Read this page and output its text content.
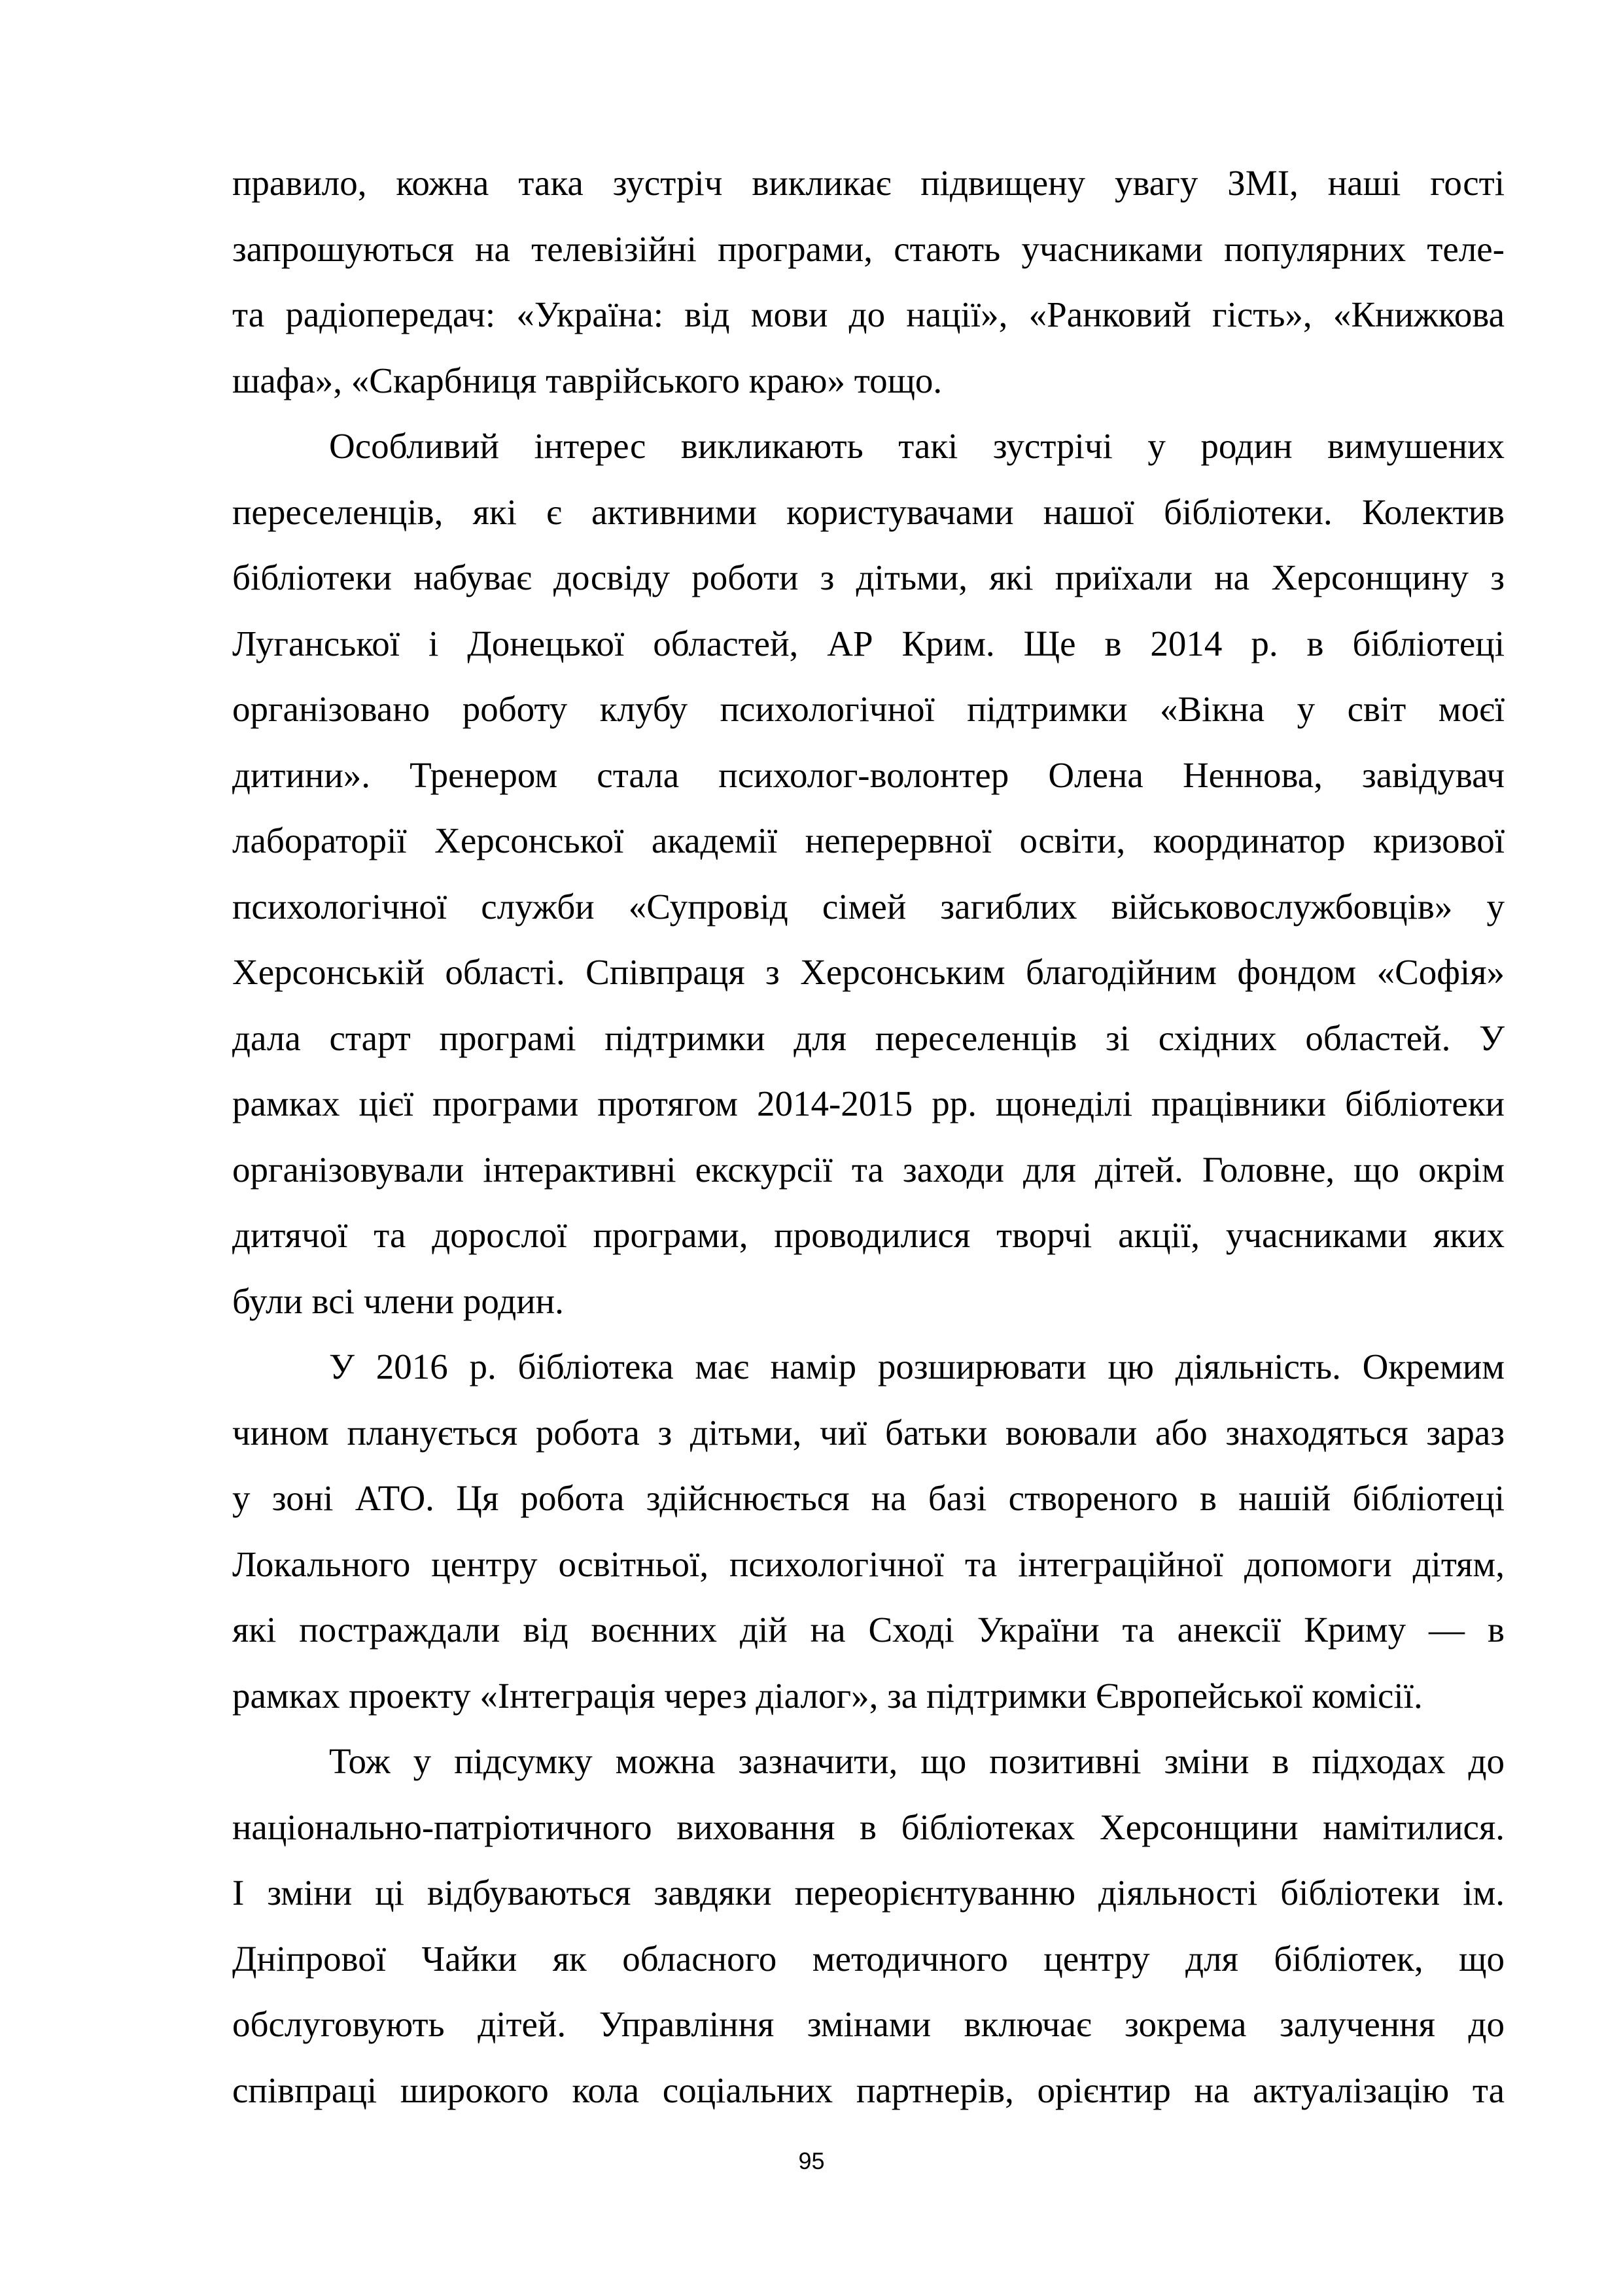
правило, кожна така зустріч викликає підвищену увагу ЗМІ, наші гості
запрошуються на телевізійні програми, стають учасниками популярних теле-
та радіопередач: «Україна: від мови до нації», «Ранковий гість», «Книжкова
шафа», «Скарбниця таврійського краю» тощо.

Особливий інтерес викликають такі зустрічі у родин вимушених
переселенців, які є активними користувачами нашої бібліотеки. Колектив
бібліотеки набуває досвіду роботи з дітьми, які приїхали на Херсонщину з
Луганської і Донецької областей, АР Крим. Ще в 2014 р. в бібліотеці
організовано роботу клубу психологічної підтримки «Вікна у світ моєї
дитини». Тренером стала психолог-волонтер Олена Неннова, завідувач
лабораторії Херсонської академії неперервної освіти, координатор кризової
психологічної служби «Супровід сімей загиблих військовослужбовців» у
Херсонській області. Співпраця з Херсонським благодійним фондом «Софія»
дала старт програмі підтримки для переселенців зі східних областей. У
рамках цієї програми протягом 2014-2015 рр. щонеділі працівники бібліотеки
організовували інтерактивні екскурсії та заходи для дітей. Головне, що окрім
дитячої та дорослої програми, проводилися творчі акції, учасниками яких
були всі члени родин.

У 2016 р. бібліотека має намір розширювати цю діяльність. Окремим
чином планується робота з дітьми, чиї батьки воювали або знаходяться зараз
у зоні АТО. Ця робота здійснюється на базі створеного в нашій бібліотеці
Локального центру освітньої, психологічної та інтеграційної допомоги дітям,
які постраждали від воєнних дій на Сході України та анексії Криму — в
рамках проекту «Інтеграція через діалог», за підтримки Європейської комісії.

Тож у підсумку можна зазначити, що позитивні зміни в підходах до
національно-патріотичного виховання в бібліотеках Херсонщини намітилися.
І зміни ці відбуваються завдяки переорієнтуванню діяльності бібліотеки ім.
Дніпрової Чайки як обласного методичного центру для бібліотек, що
обслуговують дітей. Управління змінами включає зокрема залучення до
співпраці широкого кола соціальних партнерів, орієнтир на актуалізацію та

95
